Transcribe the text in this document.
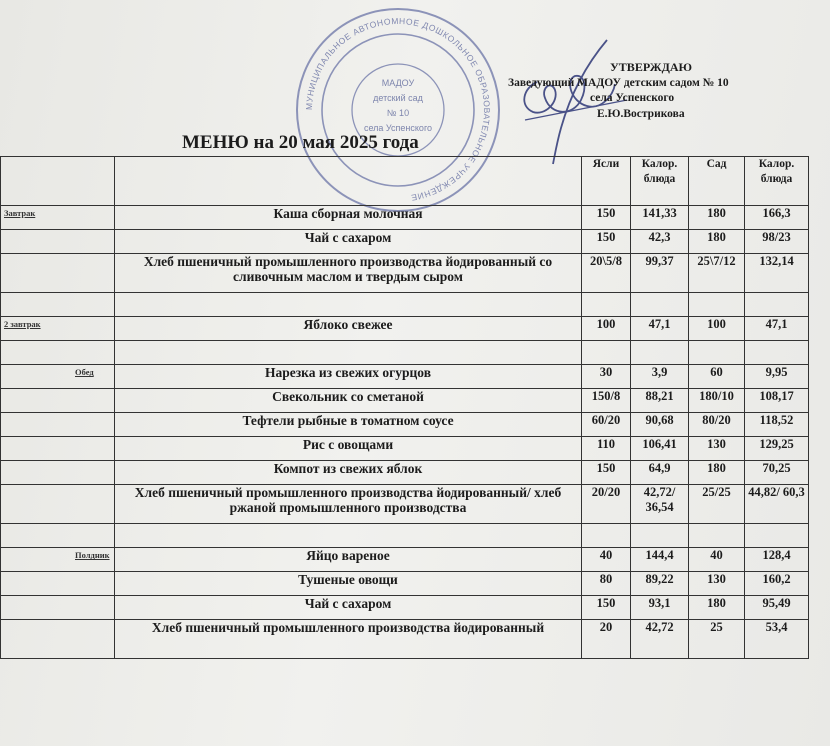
МУНИЦИПАЛЬНОЕ АВТОНОМНОЕ ДОШКОЛЬНОЕ ОБРАЗОВАТЕЛЬНОЕ УЧРЕЖДЕНИЕ
МАДОУ
детский сад
№ 10
села Успенского
УТВЕРЖДАЮ
Заведующий МАДОУ детским садом № 10
села Успенского
Е.Ю.Вострикова
МЕНЮ на 20 мая 2025 года
		Ясли	Калор. блюда	Сад	Калор. блюда
Завтрак	Каша сборная молочная	150	141,33	180	166,3
	Чай с сахаром	150	42,3	180	98/23
	Хлеб пшеничный промышленного производства йодированный со сливочным маслом и твердым сыром	20\5/8	99,37	25\7/12	132,14

2 завтрак	Яблоко свежее	100	47,1	100	47,1

Обед	Нарезка из свежих огурцов	30	3,9	60	9,95
	Свекольник со сметаной	150/8	88,21	180/10	108,17
	Тефтели рыбные в томатном соусе	60/20	90,68	80/20	118,52
	Рис с овощами	110	106,41	130	129,25
	Компот из свежих яблок	150	64,9	180	70,25
	Хлеб пшеничный промышленного производства йодированный/ хлеб ржаной промышленного производства	20/20	42,72/ 36,54	25/25	44,82/ 60,3

Полдник	Яйцо вареное	40	144,4	40	128,4
	Тушеные овощи	80	89,22	130	160,2
	Чай с сахаром	150	93,1	180	95,49
	Хлеб пшеничный промышленного производства йодированный	20	42,72	25	53,4
